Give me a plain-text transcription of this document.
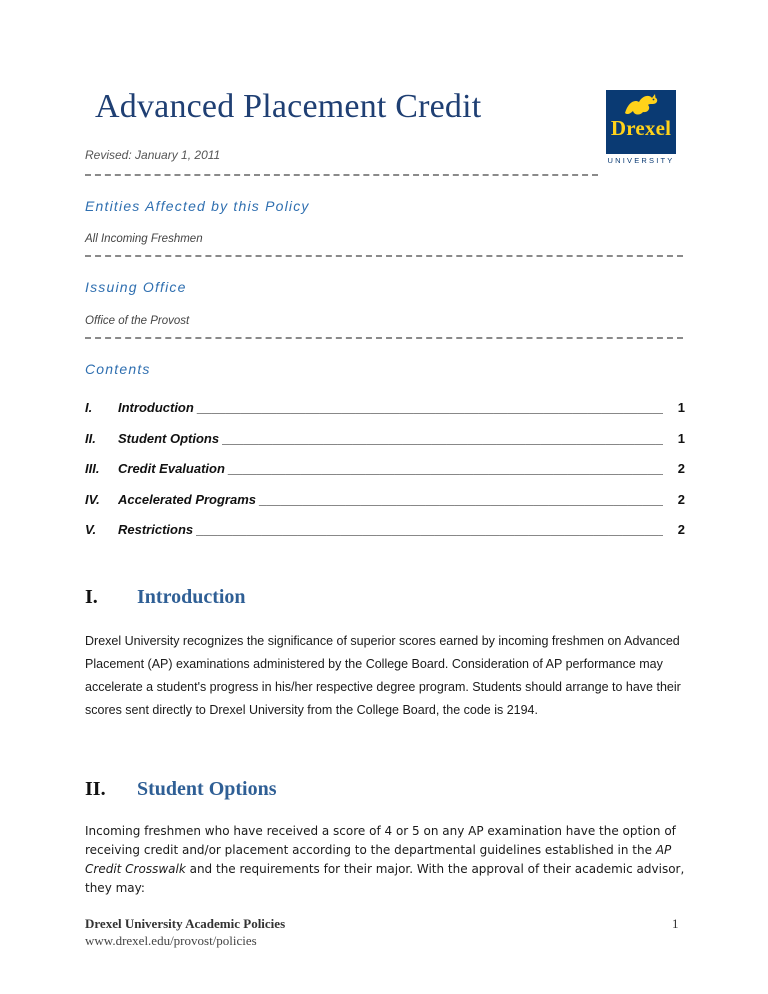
Advanced Placement Credit
Revised: January 1, 2011
Drexel
UNIVERSITY
Entities Affected by this Policy
All Incoming Freshmen
Issuing Office
Office of the Provost
Contents
I. Introduction _____	1
II. Student Options _____	1
III. Credit Evaluation _____	2
IV. Accelerated Programs _____	2
V. Restrictions _____	2
I. Introduction
Drexel University recognizes the significance of superior scores earned by incoming freshmen on Advanced Placement (AP) examinations administered by the College Board. Consideration of AP performance may accelerate a student's progress in his/her respective degree program. Students should arrange to have their scores sent directly to Drexel University from the College Board, the code is 2194.
II. Student Options
Incoming freshmen who have received a score of 4 or 5 on any AP examination have the option of receiving credit and/or placement according to the departmental guidelines established in the AP Credit Crosswalk and the requirements for their major. With the approval of their academic advisor, they may:
Drexel University Academic Policies
www.drexel.edu/provost/policies
1
